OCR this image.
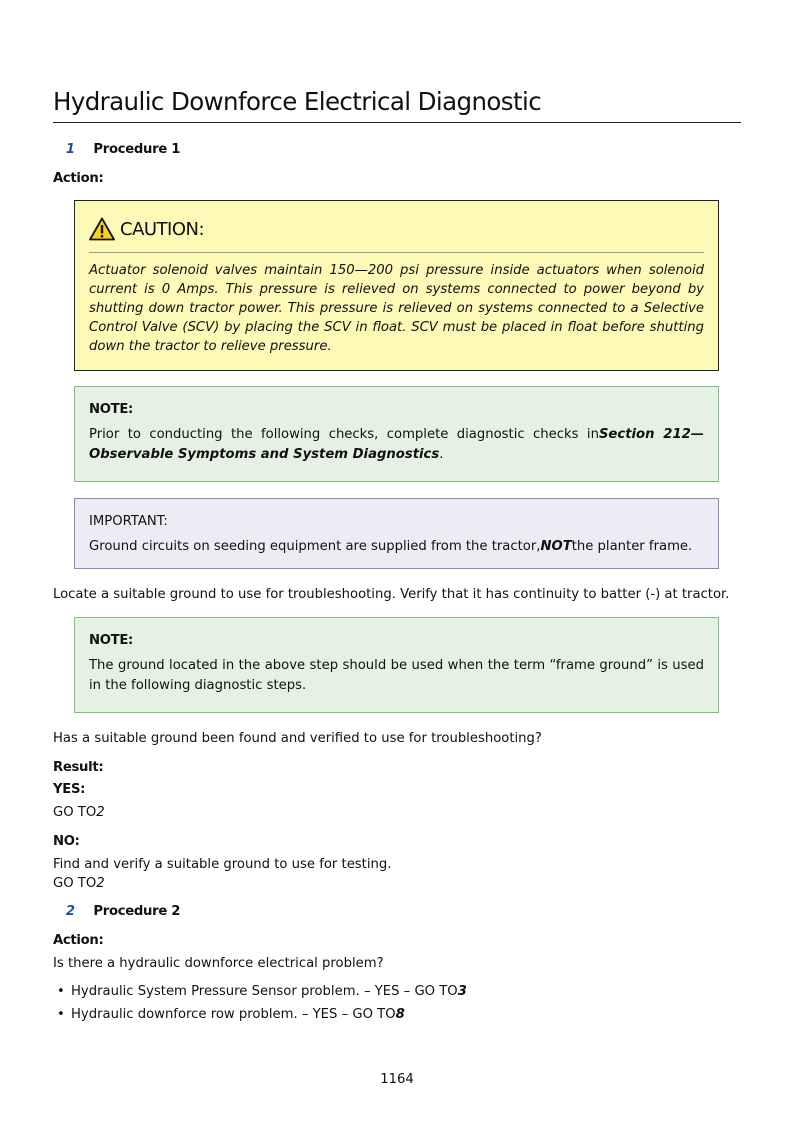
Hydraulic Downforce Electrical Diagnostic
1 Procedure 1
Action:
CAUTION:
Actuator solenoid valves maintain 150—200 psi pressure inside actuators when solenoid current is 0 Amps. This pressure is relieved on systems connected to power beyond by shutting down tractor power. This pressure is relieved on systems connected to a Selective Control Valve (SCV) by placing the SCV in float. SCV must be placed in float before shutting down the tractor to relieve pressure.
NOTE:
Prior to conducting the following checks, complete diagnostic checks inSection 212—Observable Symptoms and System Diagnostics.
IMPORTANT:
Ground circuits on seeding equipment are supplied from the tractor,NOTthe planter frame.
Locate a suitable ground to use for troubleshooting. Verify that it has continuity to batter (-) at tractor.
NOTE:
The ground located in the above step should be used when the term “frame ground” is used in the following diagnostic steps.
Has a suitable ground been found and verified to use for troubleshooting?
Result:
YES:
GO TO2
NO:
Find and verify a suitable ground to use for testing.
GO TO2
2 Procedure 2
Action:
Is there a hydraulic downforce electrical problem?
• Hydraulic System Pressure Sensor problem. – YES – GO TO3
• Hydraulic downforce row problem. – YES – GO TO8
1164
